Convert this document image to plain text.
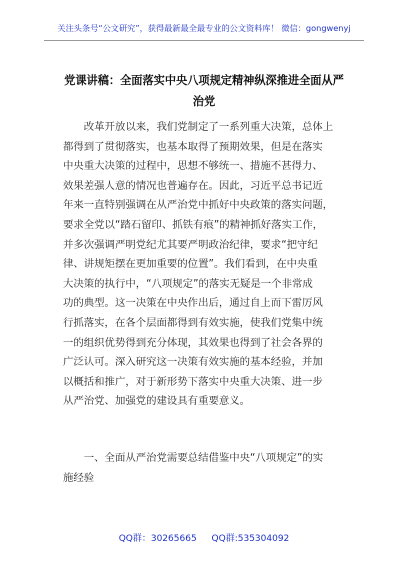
关注头条号“公文研究”，获得最新最全最专业的公文资料库！ 微信：gongwenyj
党课讲稿：全面落实中央八项规定精神纵深推进全面从严
治党
　　改革开放以来，我们党制定了一系列重大决策，总体上
都得到了贯彻落实，也基本取得了预期效果，但是在落实
中央重大决策的过程中，思想不够统一、措施不甚得力、
效果差强人意的情况也普遍存在。因此，习近平总书记近
年来一直特别强调在从严治党中抓好中央政策的落实问题，
要求全党以“踏石留印、抓铁有痕”的精神抓好落实工作，
并多次强调严明党纪尤其要严明政治纪律，要求“把守纪
律、讲规矩摆在更加重要的位置”。我们看到，在中央重
大决策的执行中，“八项规定”的落实无疑是一个非常成
功的典型。这一决策在中央作出后，通过自上而下雷厉风
行抓落实，在各个层面都得到有效实施，使我们党集中统
一的组织优势得到充分体现，其效果也得到了社会各界的
广泛认可。深入研究这一决策有效实施的基本经验，并加
以概括和推广，对于新形势下落实中央重大决策、进一步
从严治党、加强党的建设具有重要意义。
　　一、全面从严治党需要总结借鉴中央“八项规定”的实
施经验
QQ群：30265665 QQ群:535304092
